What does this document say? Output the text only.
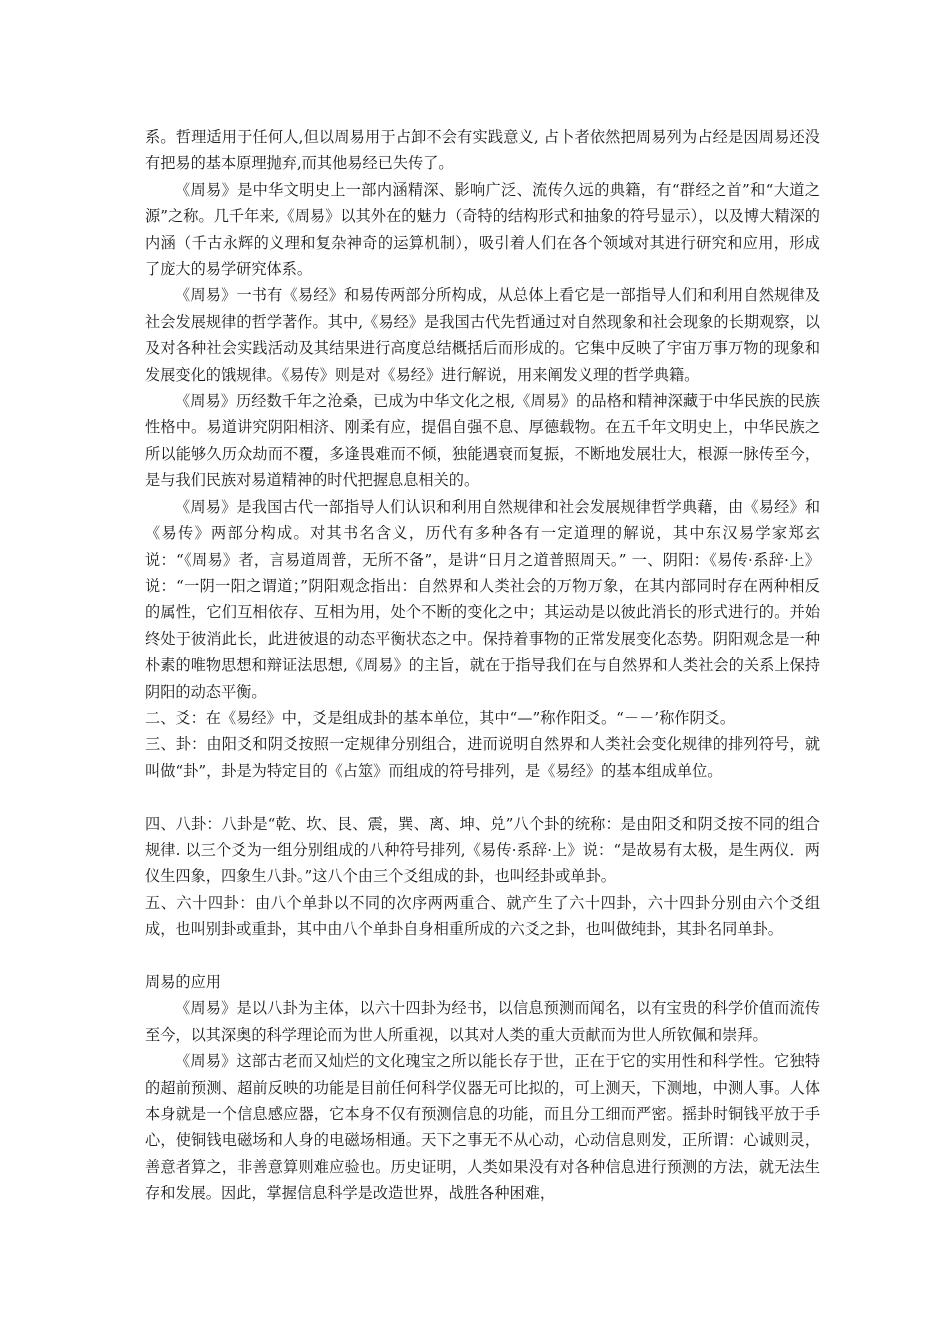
系。哲理适用于任何人,但以周易用于占卸不会有实践意义, 占卜者依然把周易列为占经是因周易还没有把易的基本原理抛弃,而其他易经已失传了。

《周易》是中华文明史上一部内涵精深、影响广泛、流传久远的典籍，有“群经之首”和“大道之源”之称。几千年来,《周易》以其外在的魅力（奇特的结构形式和抽象的符号显示），以及博大精深的内涵（千古永辉的义理和复杂神奇的运算机制），吸引着人们在各个领域对其进行研究和应用，形成了庞大的易学研究体系。

《周易》一书有《易经》和易传两部分所构成，从总体上看它是一部指导人们和利用自然规律及社会发展规律的哲学著作。其中,《易经》是我国古代先哲通过对自然现象和社会现象的长期观察，以及对各种社会实践活动及其结果进行高度总结概括后而形成的。它集中反映了宇宙万事万物的现象和发展变化的饿规律。《易传》则是对《易经》进行解说，用来阐发义理的哲学典籍。

《周易》历经数千年之沧桑，已成为中华文化之根,《周易》的品格和精神深藏于中华民族的民族性格中。易道讲究阴阳相济、刚柔有应，提倡自强不息、厚德载物。在五千年文明史上，中华民族之所以能够久历众劫而不覆，多逢畏难而不倾，独能遇衰而复振，不断地发展壮大，根源一脉传至今，是与我们民族对易道精神的时代把握息息相关的。

《周易》是我国古代一部指导人们认识和利用自然规律和社会发展规律哲学典藉，由《易经》和《易传》两部分构成。对其书名含义，历代有多种各有一定道理的解说，其中东汉易学家郑玄说：“《周易》者，言易道周普，无所不备”，是讲“日月之道普照周天。” 一、阴阳：《易传·系辞·上》说：“一阴一阳之谓道；”阴阳观念指出：自然界和人类社会的万物万象，在其内部同时存在两种相反的属性，它们互相依存、互相为用，处个不断的变化之中；其运动是以彼此消长的形式进行的。并始终处于彼消此长，此进彼退的动态平衡状态之中。保持着事物的正常发展变化态势。阴阳观念是一种朴素的唯物思想和辩证法思想,《周易》的主旨，就在于指导我们在与自然界和人类社会的关系上保持阴阳的动态平衡。

二、爻：在《易经》中，爻是组成卦的基本单位，其中“—”称作阳爻。“－－’称作阴爻。

三、卦：由阳爻和阴爻按照一定规律分别组合，进而说明自然界和人类社会变化规律的排列符号，就叫做“卦”，卦是为特定目的《占筮》而组成的符号排列，是《易经》的基本组成单位。

四、八卦：八卦是“乾、坎、艮、震，巽、离、坤、兑”八个卦的统称：是由阳爻和阴爻按不同的组合规律. 以三个爻为一组分别组成的八种符号排列,《易传·系辞·上》说：“是故易有太极，是生两仪．两仪生四象，四象生八卦。”这八个由三个爻组成的卦，也叫经卦或单卦。

五、六十四卦：由八个单卦以不同的次序两两重合、就产生了六十四卦，六十四卦分别由六个爻组成，也叫别卦或重卦，其中由八个单卦自身相重所成的六爻之卦，也叫做纯卦，其卦名同单卦。

周易的应用

《周易》是以八卦为主体，以六十四卦为经书，以信息预测而闻名，以有宝贵的科学价值而流传至今，以其深奥的科学理论而为世人所重视，以其对人类的重大贡献而为世人所钦佩和崇拜。

《周易》这部古老而又灿烂的文化瑰宝之所以能长存于世，正在于它的实用性和科学性。它独特的超前预测、超前反映的功能是目前任何科学仪器无可比拟的，可上测天，下测地，中测人事。人体本身就是一个信息感应器，它本身不仅有预测信息的功能，而且分工细而严密。摇卦时铜钱平放于手心，使铜钱电磁场和人身的电磁场相通。天下之事无不从心动，心动信息则发，正所谓：心诚则灵，善意者算之，非善意算则难应验也。历史证明，人类如果没有对各种信息进行预测的方法，就无法生存和发展。因此，掌握信息科学是改造世界，战胜各种困难，
